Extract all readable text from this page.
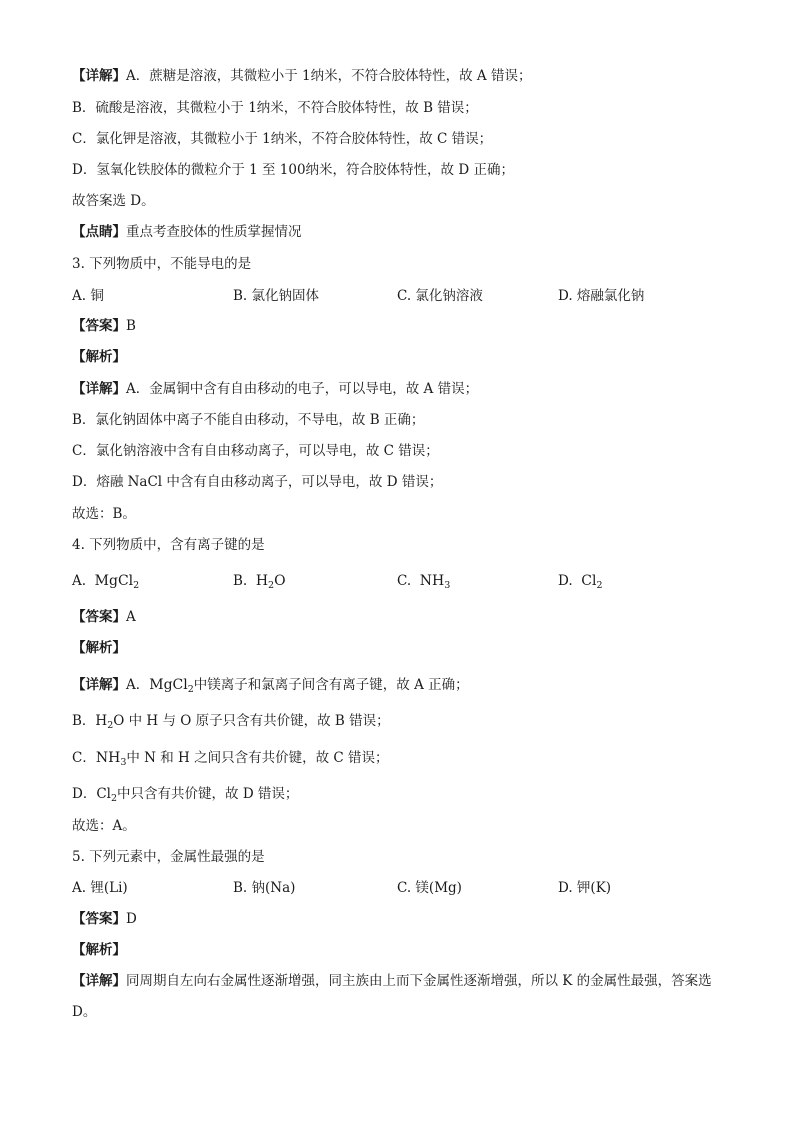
【详解】A．蔗糖是溶液，其微粒小于 1纳米，不符合胶体特性，故 A 错误；
B．硫酸是溶液，其微粒小于 1纳米，不符合胶体特性，故 B 错误；
C．氯化钾是溶液，其微粒小于 1纳米，不符合胶体特性，故 C 错误；
D．氢氧化铁胶体的微粒介于 1 至 100纳米，符合胶体特性，故 D 正确；
故答案选 D。
【点睛】重点考查胶体的性质掌握情况
3. 下列物质中，不能导电的是
A. 铜	B. 氯化钠固体	C. 氯化钠溶液	D. 熔融氯化钠
【答案】B
【解析】
【详解】A．金属铜中含有自由移动的电子，可以导电，故 A 错误；
B．氯化钠固体中离子不能自由移动，不导电，故 B 正确；
C．氯化钠溶液中含有自由移动离子，可以导电，故 C 错误；
D．熔融 NaCl 中含有自由移动离子，可以导电，故 D 错误；
故选：B。
4. 下列物质中，含有离子键的是
A. MgCl$_2$	B. $H_2O$	C. $NH_3$	D. $Cl_2$
【答案】A
【解析】
【详解】A．MgCl$_2$中镁离子和氯离子间含有离子键，故 A 正确；
B．$H_2O$ 中 H 与 O 原子只含有共价键，故 B 错误；
C．$NH_3$中 N 和 H 之间只含有共价键，故 C 错误；
D．$Cl_2$中只含有共价键，故 D 错误；
故选：A。
5. 下列元素中，金属性最强的是
A. 锂(Li)	B. 钠(Na)	C. 镁(Mg)	D. 钾(K)
【答案】D
【解析】
【详解】同周期自左向右金属性逐渐增强，同主族由上而下金属性逐渐增强，所以 K 的金属性最强，答案选 D。
